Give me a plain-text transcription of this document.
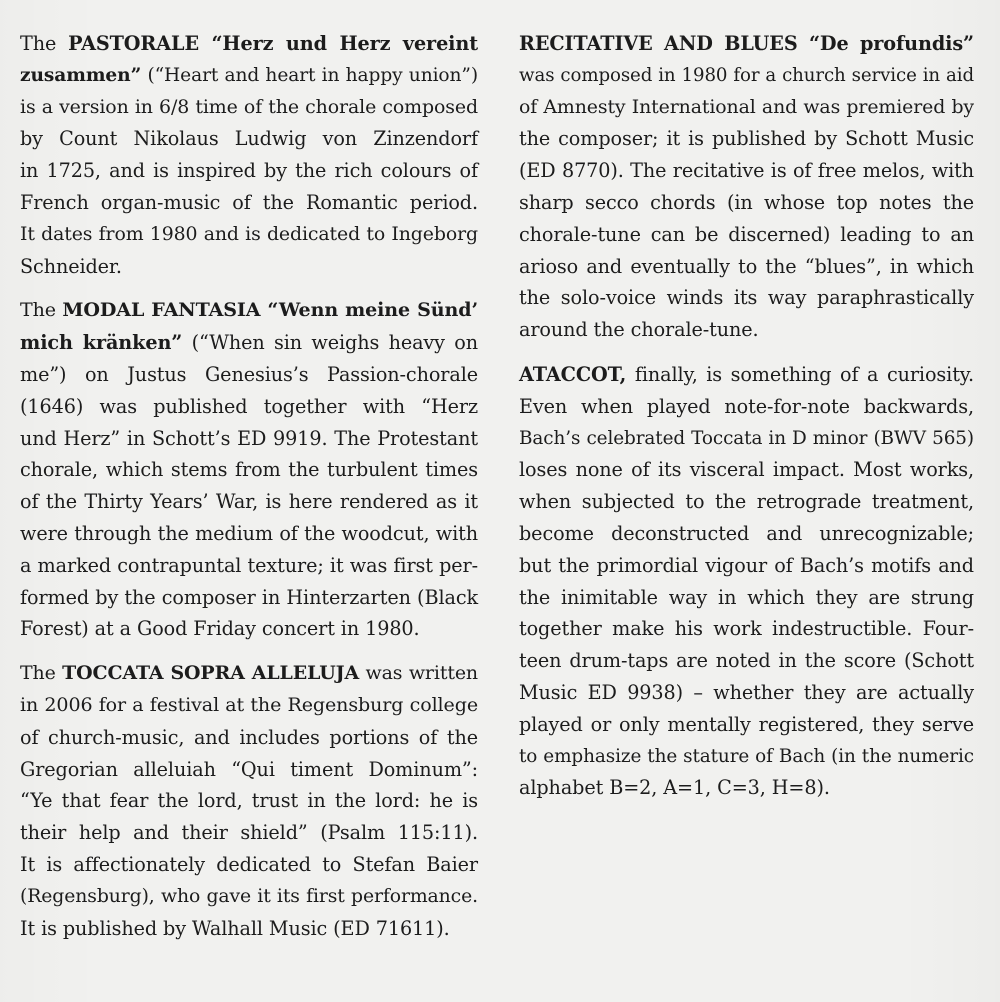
The PASTORALE “Herz und Herz vereint
zusammen” (“Heart and heart in happy union”)
is a version in 6/8 time of the chorale composed
by Count Nikolaus Ludwig von Zinzendorf
in 1725, and is inspired by the rich colours of
French organ-music of the Romantic period.
It dates from 1980 and is dedicated to Ingeborg
Schneider.
The MODAL FANTASIA “Wenn meine Sünd’
mich kränken” (“When sin weighs heavy on
me”) on Justus Genesius’s Passion-chorale
(1646) was published together with “Herz
und Herz” in Schott’s ED 9919. The Protestant
chorale, which stems from the turbulent times
of the Thirty Years’ War, is here rendered as it
were through the medium of the woodcut, with
a marked contrapuntal texture; it was first per-
formed by the composer in Hinterzarten (Black
Forest) at a Good Friday concert in 1980.
The TOCCATA SOPRA ALLELUJA was written
in 2006 for a festival at the Regensburg college
of church-music, and includes portions of the
Gregorian alleluiah “Qui timent Dominum”:
“Ye that fear the lord, trust in the lord: he is
their help and their shield” (Psalm 115:11).
It is affectionately dedicated to Stefan Baier
(Regensburg), who gave it its first performance.
It is published by Walhall Music (ED 71611).
RECITATIVE AND BLUES “De profundis”
was composed in 1980 for a church service in aid
of Amnesty International and was premiered by
the composer; it is published by Schott Music
(ED 8770). The recitative is of free melos, with
sharp secco chords (in whose top notes the
chorale-tune can be discerned) leading to an
arioso and eventually to the “blues”, in which
the solo-voice winds its way paraphrastically
around the chorale-tune.
ATACCOT, finally, is something of a curiosity.
Even when played note-for-note backwards,
Bach’s celebrated Toccata in D minor (BWV 565)
loses none of its visceral impact. Most works,
when subjected to the retrograde treatment,
become deconstructed and unrecognizable;
but the primordial vigour of Bach’s motifs and
the inimitable way in which they are strung
together make his work indestructible. Four-
teen drum-taps are noted in the score (Schott
Music ED 9938) – whether they are actually
played or only mentally registered, they serve
to emphasize the stature of Bach (in the numeric
alphabet B=2, A=1, C=3, H=8).
